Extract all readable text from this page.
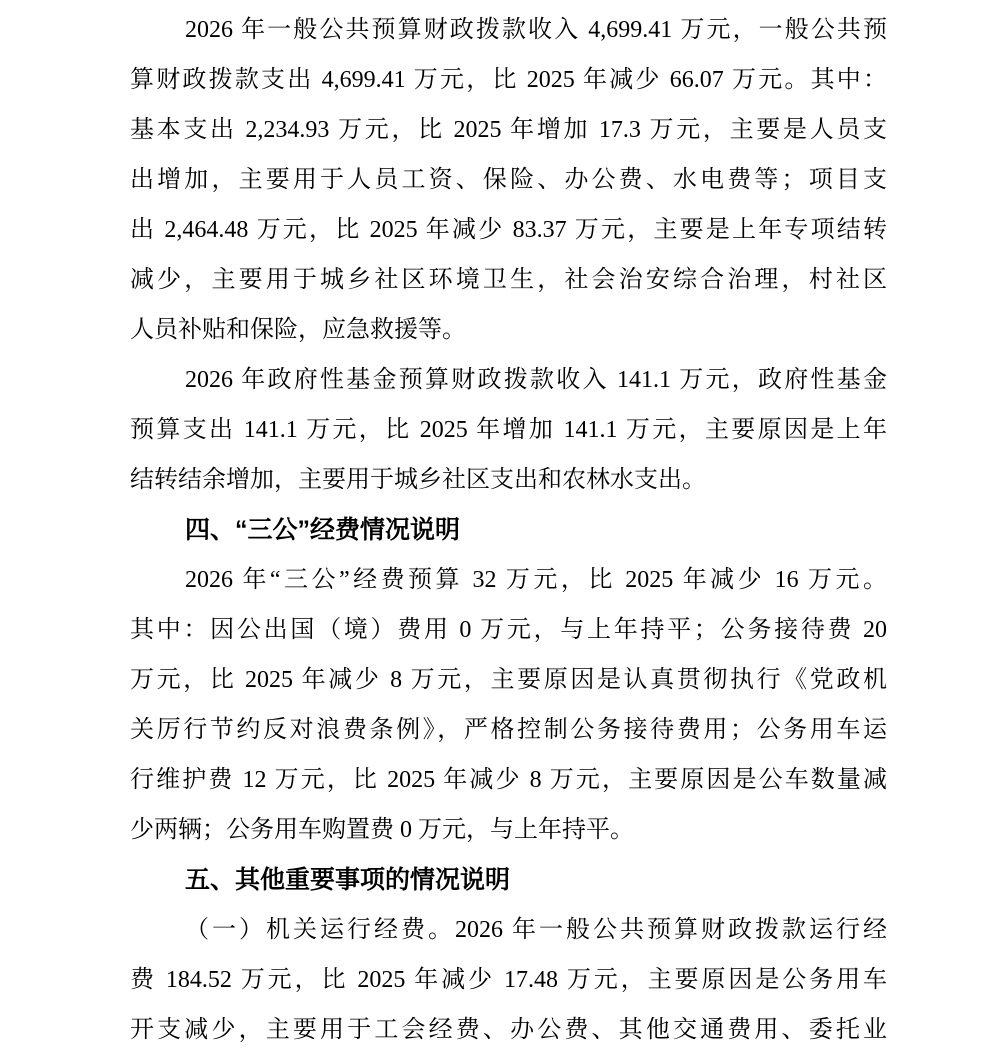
2026 年一般公共预算财政拨款收入 4,699.41 万元，一般公共预
算财政拨款支出 4,699.41 万元，比 2025 年减少 66.07 万元。其中：
基本支出 2,234.93 万元，比 2025 年增加 17.3 万元，主要是人员支
出增加，主要用于人员工资、保险、办公费、水电费等；项目支
出 2,464.48 万元，比 2025 年减少 83.37 万元，主要是上年专项结转
减少，主要用于城乡社区环境卫生，社会治安综合治理，村社区
人员补贴和保险，应急救援等。
2026 年政府性基金预算财政拨款收入 141.1 万元，政府性基金
预算支出 141.1 万元，比 2025 年增加 141.1 万元，主要原因是上年
结转结余增加，主要用于城乡社区支出和农林水支出。
四、“三公”经费情况说明
2026 年“三公”经费预算 32 万元，比 2025 年减少 16 万元。
其中：因公出国（境）费用 0 万元，与上年持平；公务接待费 20
万元，比 2025 年减少 8 万元，主要原因是认真贯彻执行《党政机
关厉行节约反对浪费条例》，严格控制公务接待费用；公务用车运
行维护费 12 万元，比 2025 年减少 8 万元，主要原因是公车数量减
少两辆；公务用车购置费 0 万元，与上年持平。
五、其他重要事项的情况说明
（一）机关运行经费。2026 年一般公共预算财政拨款运行经
费 184.52 万元，比 2025 年减少 17.48 万元，主要原因是公务用车
开支减少，主要用于工会经费、办公费、其他交通费用、委托业
